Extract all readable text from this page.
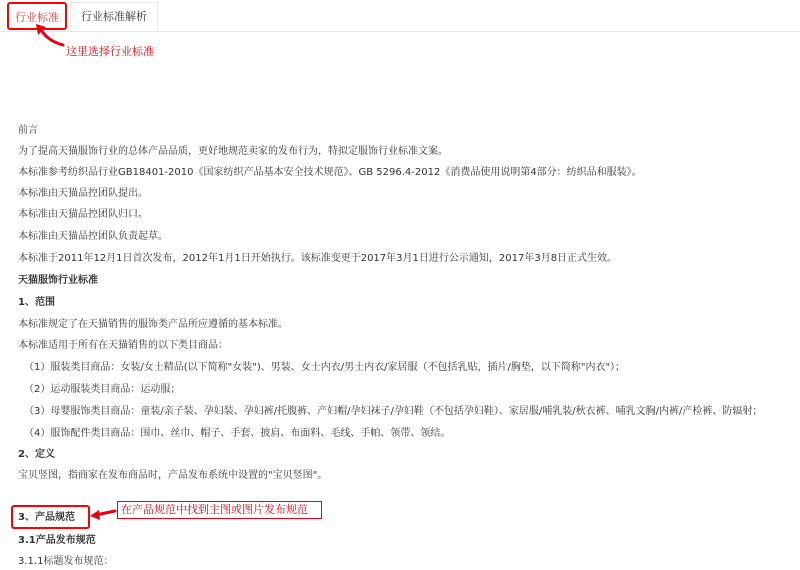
行业标准	行业标准解析
这里选择行业标准
前言
为了提高天猫服饰行业的总体产品品质，更好地规范卖家的发布行为，特拟定服饰行业标准文案。
本标准参考纺织品行业GB18401-2010《国家纺织产品基本安全技术规范》、GB 5296.4-2012《消费品使用说明第4部分：纺织品和服装》。
本标准由天猫品控团队提出。
本标准由天猫品控团队归口。
本标准由天猫品控团队负责起草。
本标准于2011年12月1日首次发布，2012年1月1日开始执行。该标准变更于2017年3月1日进行公示通知，2017年3月8日正式生效。
天猫服饰行业标准
1、范围
本标准规定了在天猫销售的服饰类产品所应遵循的基本标准。
本标准适用于所有在天猫销售的以下类目商品：
（1）服装类目商品：女装/女士精品(以下简称"女装")、男装、女士内衣/男士内衣/家居服（不包括乳贴，插片/胸垫，以下简称"内衣"）；
（2）运动服装类目商品：运动服；
（3）母婴服饰类目商品：童装/亲子装、孕妇装、孕妇裤/托腹裤、产妇帽/孕妇袜子/孕妇鞋（不包括孕妇鞋）、家居服/哺乳装/秋衣裤、哺乳文胸/内裤/产检裤、防辐射；
（4）服饰配件类目商品：围巾、丝巾、帽子、手套、披肩、布面料、毛线、手帕、领带、领结。
2、定义
宝贝竖图，指商家在发布商品时，产品发布系统中设置的"宝贝竖图"。
3、产品规范
3.1产品发布规范
3.1.1标题发布规范：
在产品规范中找到主图或图片发布规范
